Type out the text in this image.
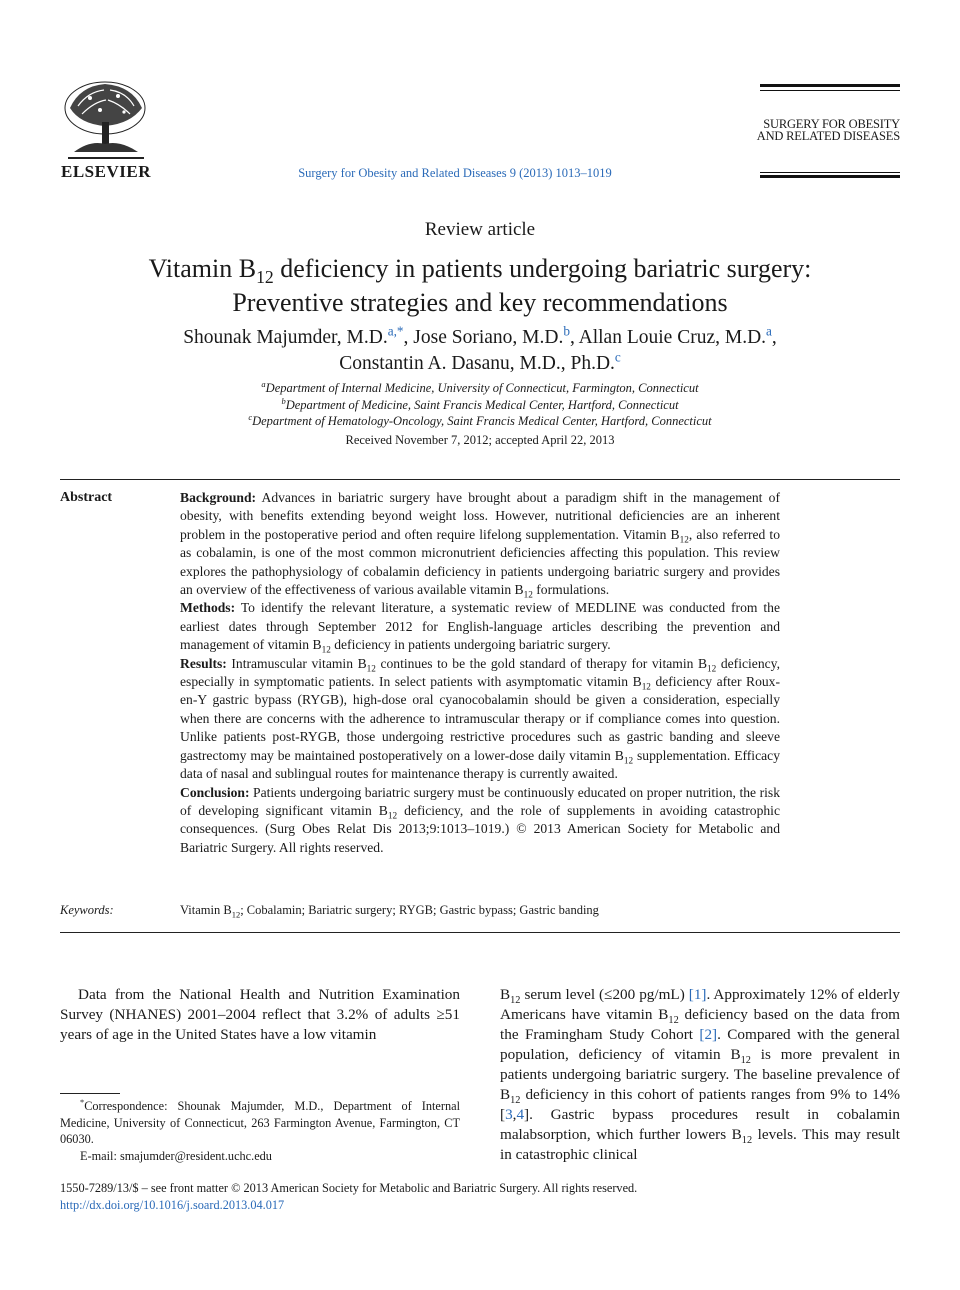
ELSEVIER	Surgery for Obesity and Related Diseases 9 (2013) 1013–1019
SURGERY FOR OBESITY
AND RELATED DISEASES
Review article
Vitamin $B_{12}$ deficiency in patients undergoing bariatric surgery:
Preventive strategies and key recommendations
Shounak Majumder, M.D.$^{a,*}$, Jose Soriano, M.D.$^b$, Allan Louie Cruz, M.D.$^a$,
Constantin A. Dasanu, M.D., Ph.D.$^c$
$^a$Department of Internal Medicine, University of Connecticut, Farmington, Connecticut
$^b$Department of Medicine, Saint Francis Medical Center, Hartford, Connecticut
$^c$Department of Hematology-Oncology, Saint Francis Medical Center, Hartford, Connecticut
Received November 7, 2012; accepted April 22, 2013
Abstract	Background: Advances in bariatric surgery have brought about a paradigm shift in the management of obesity, with benefits extending beyond weight loss. However, nutritional deficiencies are an inherent problem in the postoperative period and often require lifelong supplementation. Vitamin $B_{12}$, also referred to as cobalamin, is one of the most common micronutrient deficiencies affecting this population. This review explores the pathophysiology of cobalamin deficiency in patients undergoing bariatric surgery and provides an overview of the effectiveness of various available vitamin $B_{12}$ formulations.

Methods: To identify the relevant literature, a systematic review of MEDLINE was conducted from the earliest dates through September 2012 for English-language articles describing the prevention and management of vitamin $B_{12}$ deficiency in patients undergoing bariatric surgery.

Results: Intramuscular vitamin $B_{12}$ continues to be the gold standard of therapy for vitamin $B_{12}$ deficiency, especially in symptomatic patients. In select patients with asymptomatic vitamin $B_{12}$ deficiency after Roux-en-Y gastric bypass (RYGB), high-dose oral cyanocobalamin should be given a consideration, especially when there are concerns with the adherence to intramuscular therapy or if compliance comes into question. Unlike patients post-RYGB, those undergoing restrictive procedures such as gastric banding and sleeve gastrectomy may be maintained postoperatively on a lower-dose daily vitamin $B_{12}$ supplementation. Efficacy data of nasal and sublingual routes for maintenance therapy is currently awaited.

Conclusion: Patients undergoing bariatric surgery must be continuously educated on proper nutrition, the risk of developing significant vitamin $B_{12}$ deficiency, and the role of supplements in avoiding catastrophic consequences. (Surg Obes Relat Dis 2013;9:1013–1019.) © 2013 American Society for Metabolic and Bariatric Surgery. All rights reserved.

Keywords:	Vitamin $B_{12}$; Cobalamin; Bariatric surgery; RYGB; Gastric bypass; Gastric banding
Data from the National Health and Nutrition Examination Survey (NHANES) 2001–2004 reflect that 3.2% of adults ≥51 years of age in the United States have a low vitamin
$B_{12}$ serum level (≤200 pg/mL) [1]. Approximately 12% of elderly Americans have vitamin $B_{12}$ deficiency based on the data from the Framingham Study Cohort [2]. Compared with the general population, deficiency of vitamin $B_{12}$ is more prevalent in patients undergoing bariatric surgery. The baseline prevalence of $B_{12}$ deficiency in this cohort of patients ranges from 9% to 14% [3,4]. Gastric bypass procedures result in cobalamin malabsorption, which further lowers $B_{12}$ levels. This may result in catastrophic clinical

*Correspondence: Shounak Majumder, M.D., Department of Internal Medicine, University of Connecticut, 263 Farmington Avenue, Farmington, CT 06030.

E-mail: smajumder@resident.uchc.edu

1550-7289/13/$ – see front matter © 2013 American Society for Metabolic and Bariatric Surgery. All rights reserved.
http://dx.doi.org/10.1016/j.soard.2013.04.017
